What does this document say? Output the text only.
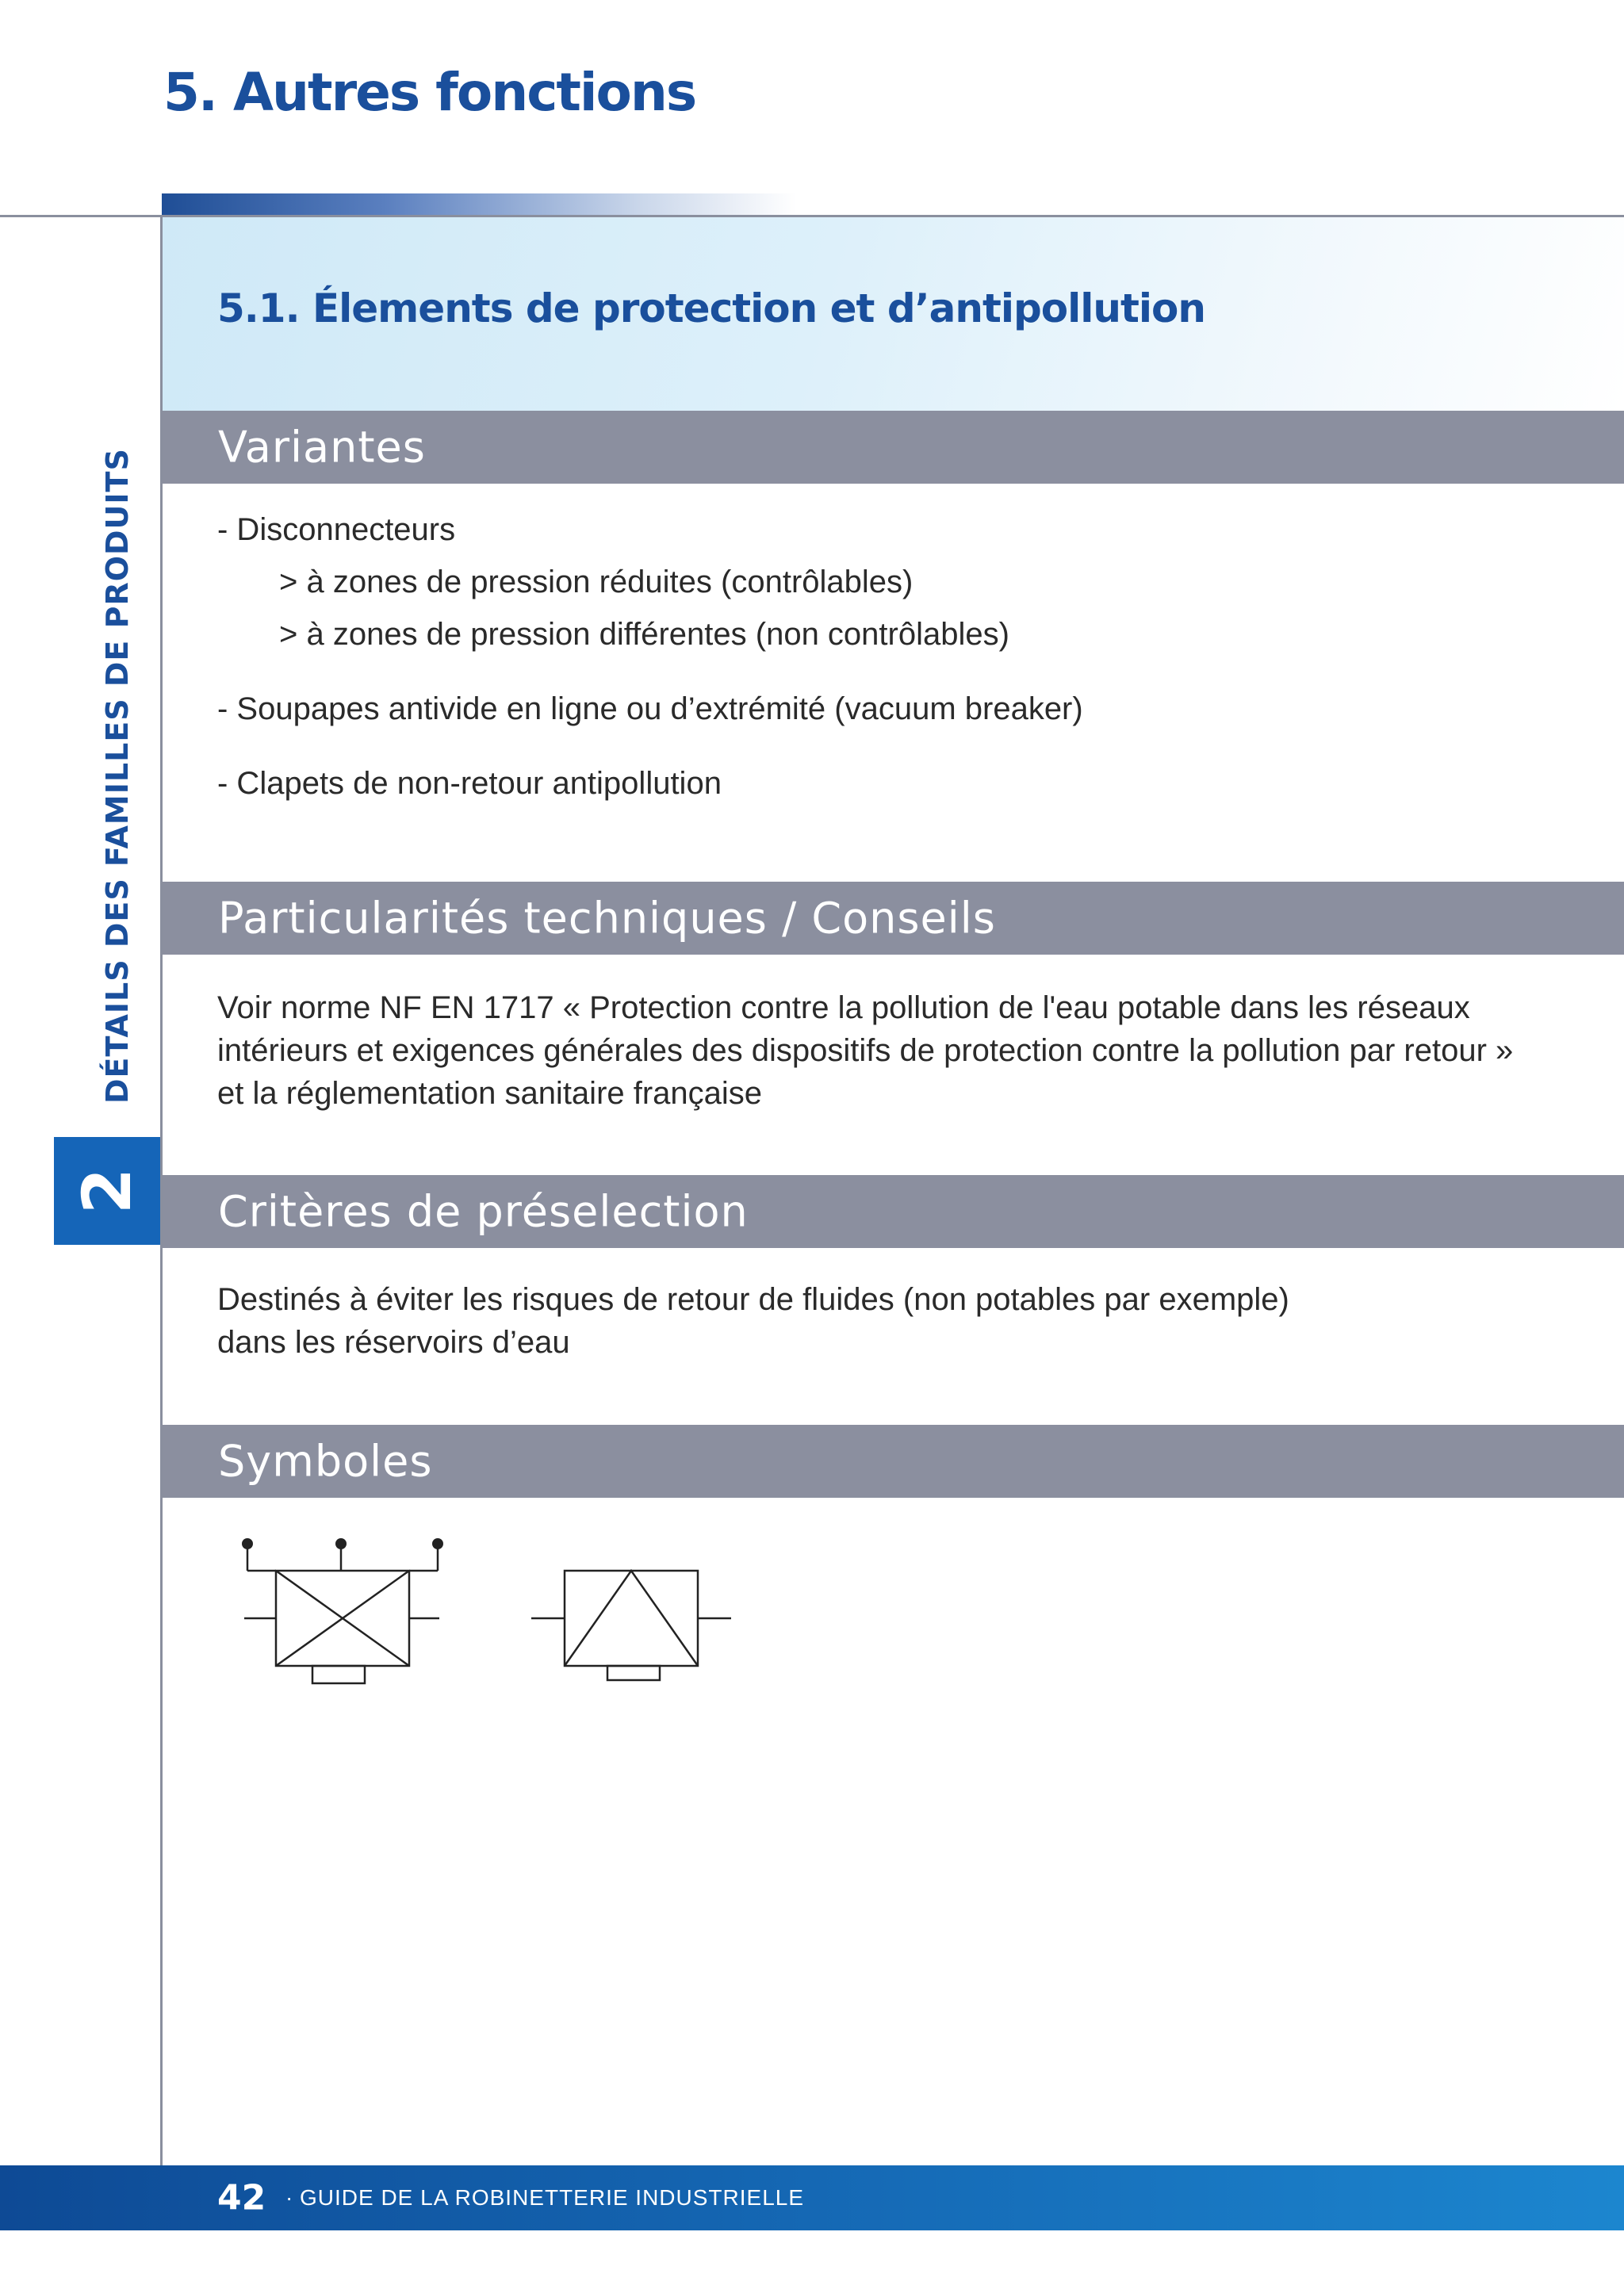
5. Autres fonctions
5.1. Élements de protection et d’antipollution
DÉTAILS DES FAMILLES DE PRODUITS
2
Variantes
- Disconnecteurs
> à zones de pression réduites (contrôlables)
> à zones de pression différentes (non contrôlables)
- Soupapes antivide en ligne ou d’extrémité (vacuum breaker)
- Clapets de non-retour antipollution
Particularités techniques / Conseils
Voir norme NF EN 1717 « Protection contre la pollution de l'eau potable dans les réseaux
intérieurs et exigences générales des dispositifs de protection contre la pollution par retour »
et la réglementation sanitaire française
Critères de préselection
Destinés à éviter les risques de retour de fluides (non potables par exemple)
dans les réservoirs d’eau
Symboles
42 · GUIDE DE LA ROBINETTERIE INDUSTRIELLE
